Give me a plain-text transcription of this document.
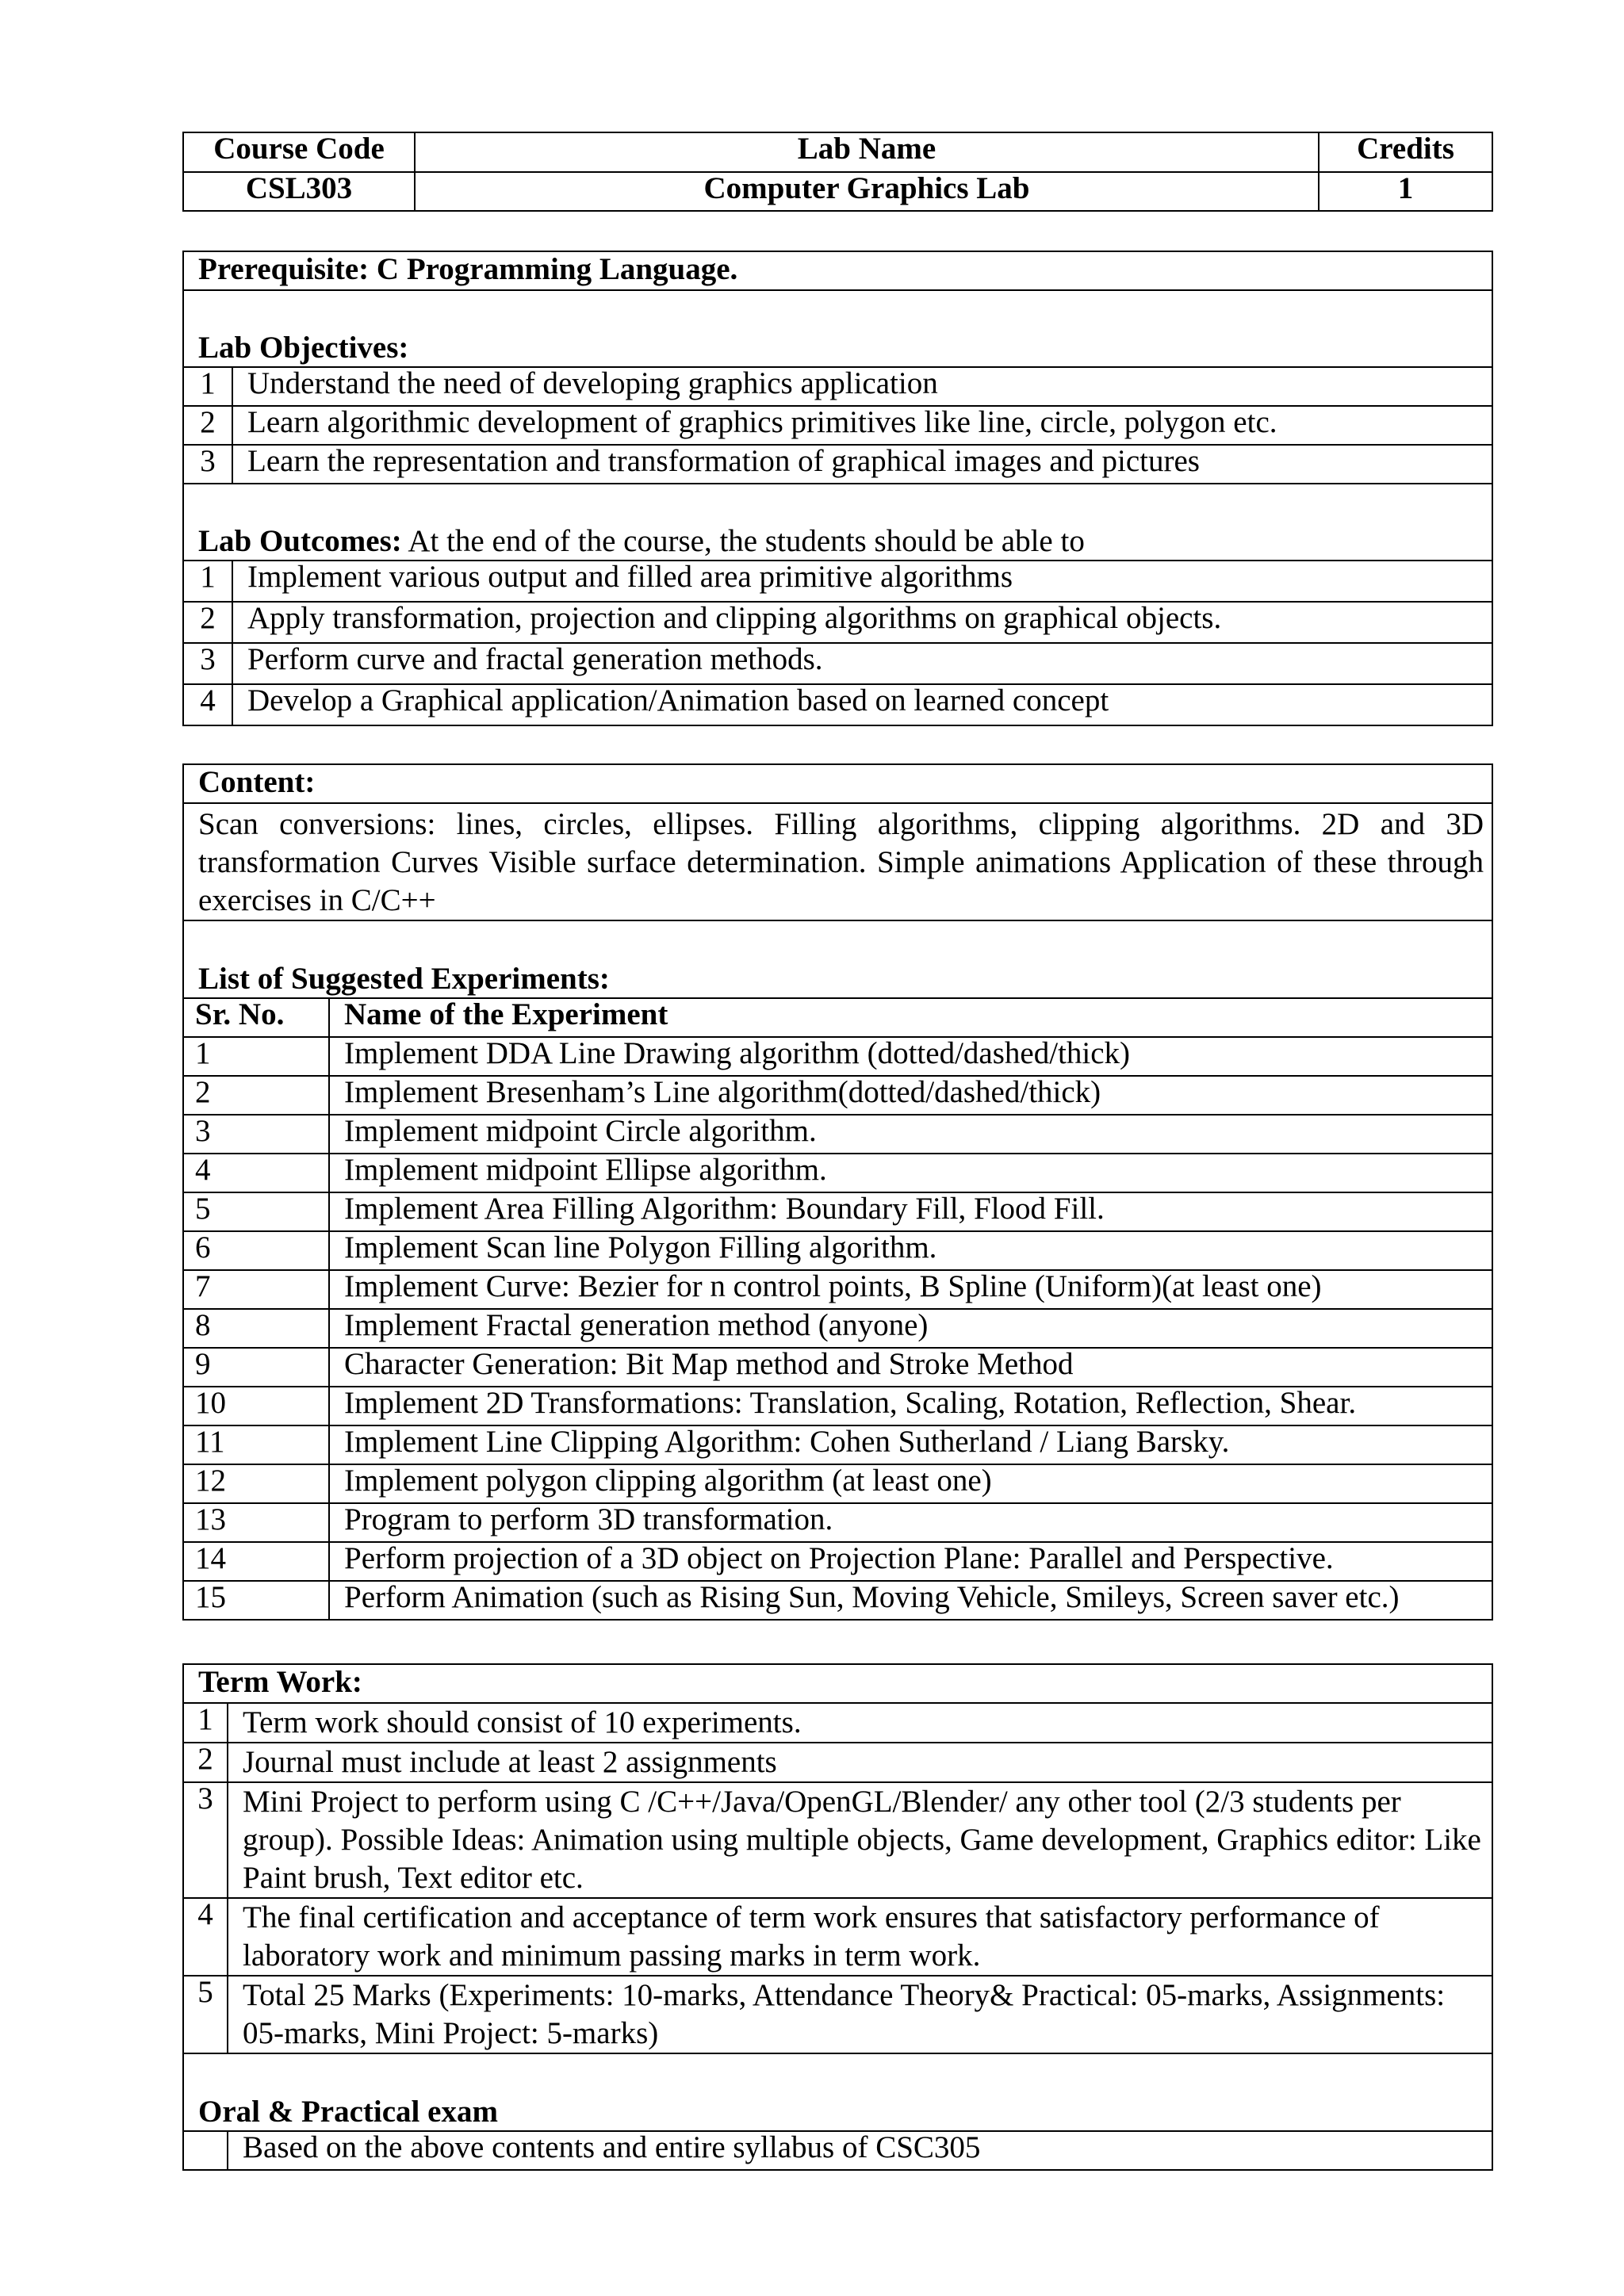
Course Code	Lab Name	Credits
CSL303	Computer Graphics Lab	1
Prerequisite: C Programming Language.	
Lab Objectives:	
1	Understand the need of developing graphics application
2	Learn algorithmic development of graphics primitives like line, circle, polygon etc.
3	Learn the representation and transformation of graphical images and pictures
Lab Outcomes: At the end of the course, the students should be able to	
1	Implement various output and filled area primitive algorithms
2	Apply transformation, projection and clipping algorithms on graphical objects.
3	Perform curve and fractal generation methods.
4	Develop a Graphical application/Animation based on learned concept
Content:	
Scan conversions: lines, circles, ellipses. Filling algorithms, clipping algorithms. 2D and 3D transformation Curves Visible surface determination. Simple animations Application of these through exercises in C/C++	
List of Suggested Experiments:	
Sr. No.	Name of the Experiment
1	Implement DDA Line Drawing algorithm (dotted/dashed/thick)
2	Implement Bresenham’s Line algorithm(dotted/dashed/thick)
3	Implement midpoint Circle algorithm.
4	Implement midpoint Ellipse algorithm.
5	Implement Area Filling Algorithm: Boundary Fill, Flood Fill.
6	Implement Scan line Polygon Filling algorithm.
7	Implement Curve: Bezier for n control points, B Spline (Uniform)(at least one)
8	Implement Fractal generation method (anyone)
9	Character Generation: Bit Map method and Stroke Method
10	Implement 2D Transformations: Translation, Scaling, Rotation, Reflection, Shear.
11	Implement Line Clipping Algorithm: Cohen Sutherland / Liang Barsky.
12	Implement polygon clipping algorithm (at least one)
13	Program to perform 3D transformation.
14	Perform projection of a 3D object on Projection Plane: Parallel and Perspective.
15	Perform Animation (such as Rising Sun, Moving Vehicle, Smileys, Screen saver etc.)
Term Work:	
1	Term work should consist of 10 experiments.
2	Journal must include at least 2 assignments
3	Mini Project to perform using C /C++/Java/OpenGL/Blender/ any other tool (2/3 students per group). Possible Ideas: Animation using multiple objects, Game development, Graphics editor: Like Paint brush, Text editor etc.
4	The final certification and acceptance of term work ensures that satisfactory performance of laboratory work and minimum passing marks in term work.
5	Total 25 Marks (Experiments: 10-marks, Attendance Theory& Practical: 05-marks, Assignments: 05-marks, Mini Project: 5-marks)
Oral & Practical exam	
	Based on the above contents and entire syllabus of CSC305
